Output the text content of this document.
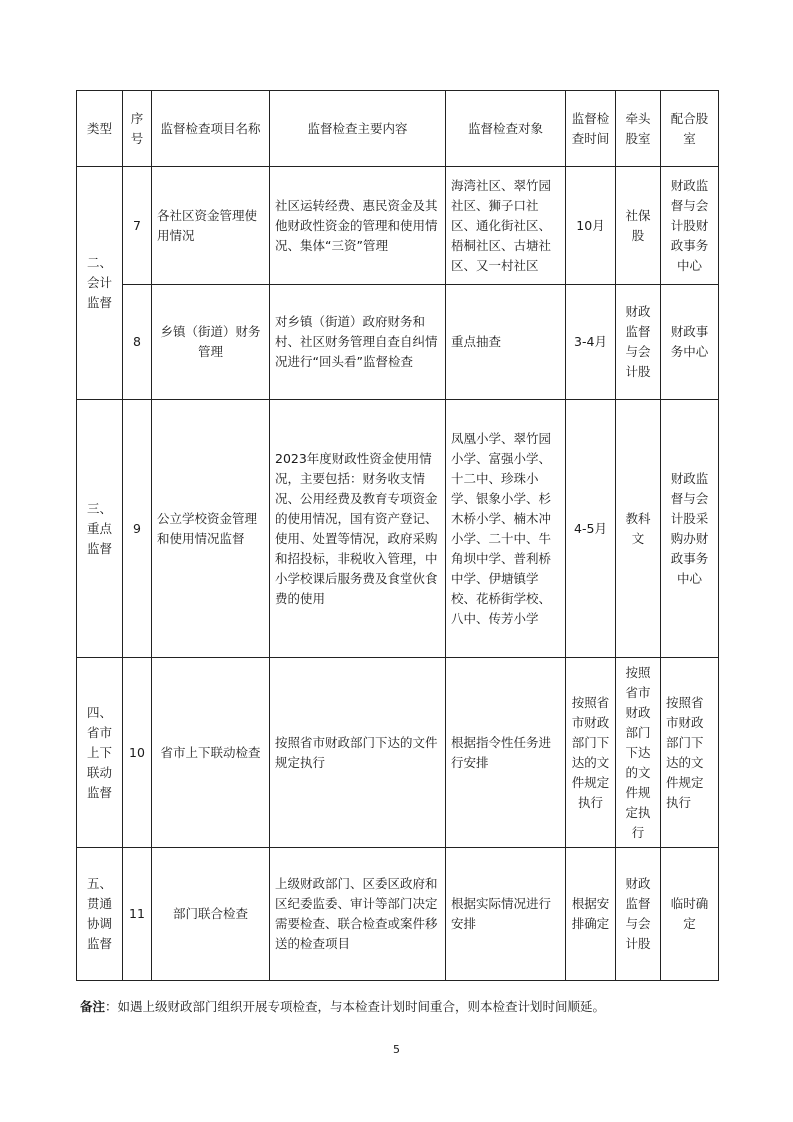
类型	序号	监督检查项目名称	监督检查主要内容	监督检查对象	监督检查时间	牵头股室	配合股室
二、会计监督	7	各社区资金管理使用情况	社区运转经费、惠民资金及其他财政性资金的管理和使用情况、集体“三资”管理	海湾社区、翠竹园社区、狮子口社区、通化街社区、梧桐社区、古塘社区、又一村社区	10月	社保股	财政监督与会计股财政事务中心
	8	乡镇（街道）财务管理	对乡镇（街道）政府财务和村、社区财务管理自查自纠情况进行“回头看”监督检查	重点抽查	3-4月	财政监督与会计股	财政事务中心
三、重点监督	9	公立学校资金管理和使用情况监督	2023年度财政性资金使用情况，主要包括：财务收支情况、公用经费及教育专项资金的使用情况，国有资产登记、使用、处置等情况，政府采购和招投标，非税收入管理，中小学校课后服务费及食堂伙食费的使用	凤凰小学、翠竹园小学、富强小学、十二中、珍珠小学、银象小学、杉木桥小学、楠木冲小学、二十中、牛角坝中学、普利桥中学、伊塘镇学校、花桥街学校、八中、传芳小学	4-5月	教科文	财政监督与会计股采购办财政事务中心
四、省市上下联动监督	10	省市上下联动检查	按照省市财政部门下达的文件规定执行	根据指令性任务进行安排	按照省市财政部门下达的文件规定执行	按照省市财政部门下达的文件规定执行	按照省市财政部门下达的文件规定执行
五、贯通协调监督	11	部门联合检查	上级财政部门、区委区政府和区纪委监委、审计等部门决定需要检查、联合检查或案件移送的检查项目	根据实际情况进行安排	根据安排确定	财政监督与会计股	临时确定
备注：如遇上级财政部门组织开展专项检查，与本检查计划时间重合，则本检查计划时间顺延。
5
